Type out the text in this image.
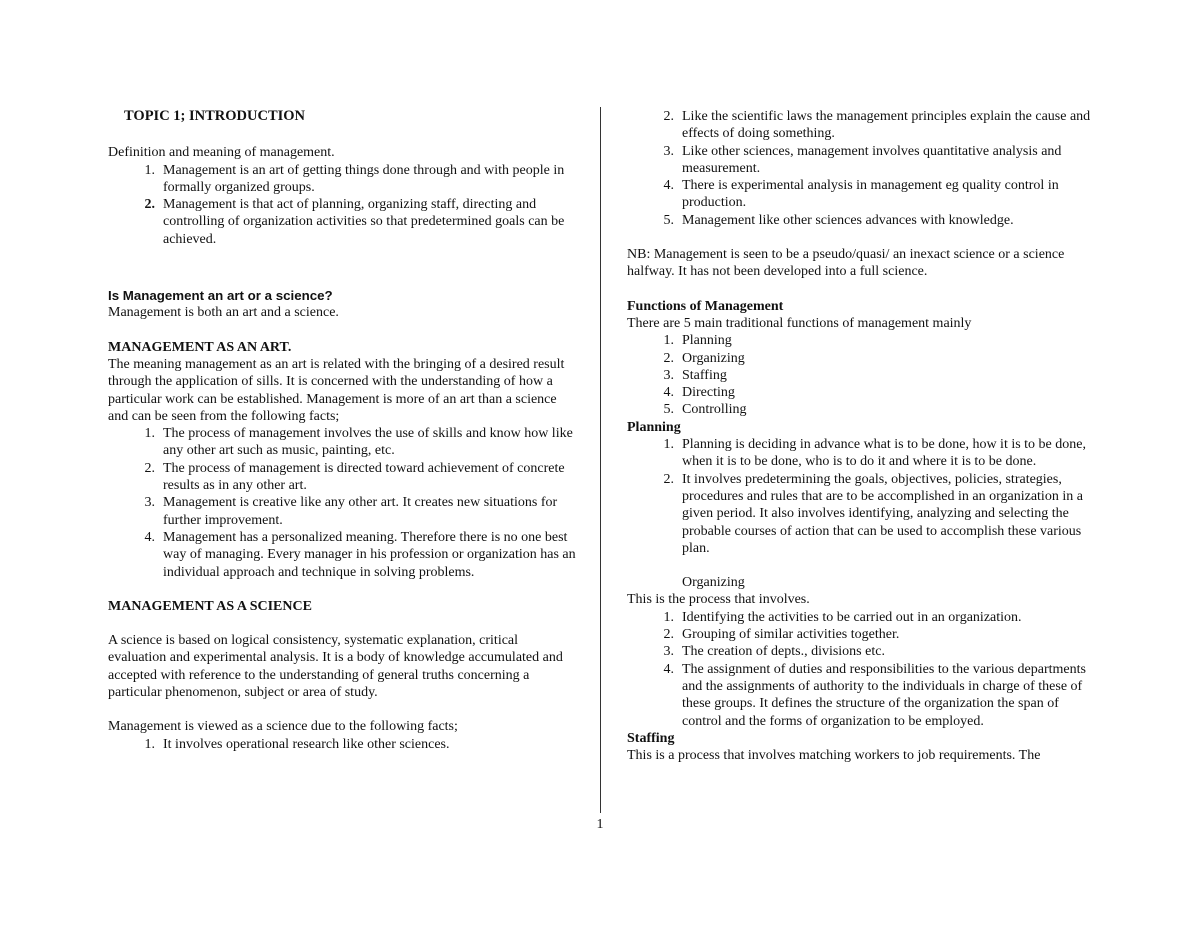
TOPIC 1; INTRODUCTION

Definition and meaning of management.

1. Management is an art of getting things done through and with people in formally organized groups.
2. Management is that act of planning, organizing staff, directing and controlling of organization activities so that predetermined goals can be achieved.

Is Management an art or a science?

Management is both an art and a science.

MANAGEMENT AS AN ART.

The meaning management as an art is related with the bringing of a desired result through the application of sills. It is concerned with the understanding of how a particular work can be established. Management is more of an art than a science and can be seen from the following facts;

1. The process of management involves the use of skills and know how like any other art such as music, painting, etc.
2. The process of management is directed toward achievement of concrete results as in any other art.
3. Management is creative like any other art. It creates new situations for further improvement.
4. Management has a personalized meaning. Therefore there is no one best way of managing. Every manager in his profession or organization has an individual approach and technique in solving problems.

MANAGEMENT AS A SCIENCE

A science is based on logical consistency, systematic explanation, critical evaluation and experimental analysis. It is a body of knowledge accumulated and accepted with reference to the understanding of general truths concerning a particular phenomenon, subject or area of study.

Management is viewed as a science due to the following facts;

1. It involves operational research like other sciences.
2. Like the scientific laws the management principles explain the cause and effects of doing something.
3. Like other sciences, management involves quantitative analysis and measurement.
4. There is experimental analysis in management eg quality control in production.
5. Management like other sciences advances with knowledge.

NB: Management is seen to be a pseudo/quasi/ an inexact science or a science halfway. It has not been developed into a full science.

Functions of Management

There are 5 main traditional functions of management mainly

1. Planning
2. Organizing
3. Staffing
4. Directing
5. Controlling

Planning

1. Planning is deciding in advance what is to be done, how it is to be done, when it is to be done, who is to do it and where it is to be done.
2. It involves predetermining the goals, objectives, policies, strategies, procedures and rules that are to be accomplished in an organization in a given period. It also involves identifying, analyzing and selecting the probable courses of action that can be used to accomplish these various plan.

Organizing

This is the process that involves.

1. Identifying the activities to be carried out in an organization.
2. Grouping of similar activities together.
3. The creation of depts., divisions etc.
4. The assignment of duties and responsibilities to the various departments and the assignments of authority to the individuals in charge of these of these groups. It defines the structure of the organization the span of control and the forms of organization to be employed.

Staffing

This is a process that involves matching workers to job requirements. The

1
